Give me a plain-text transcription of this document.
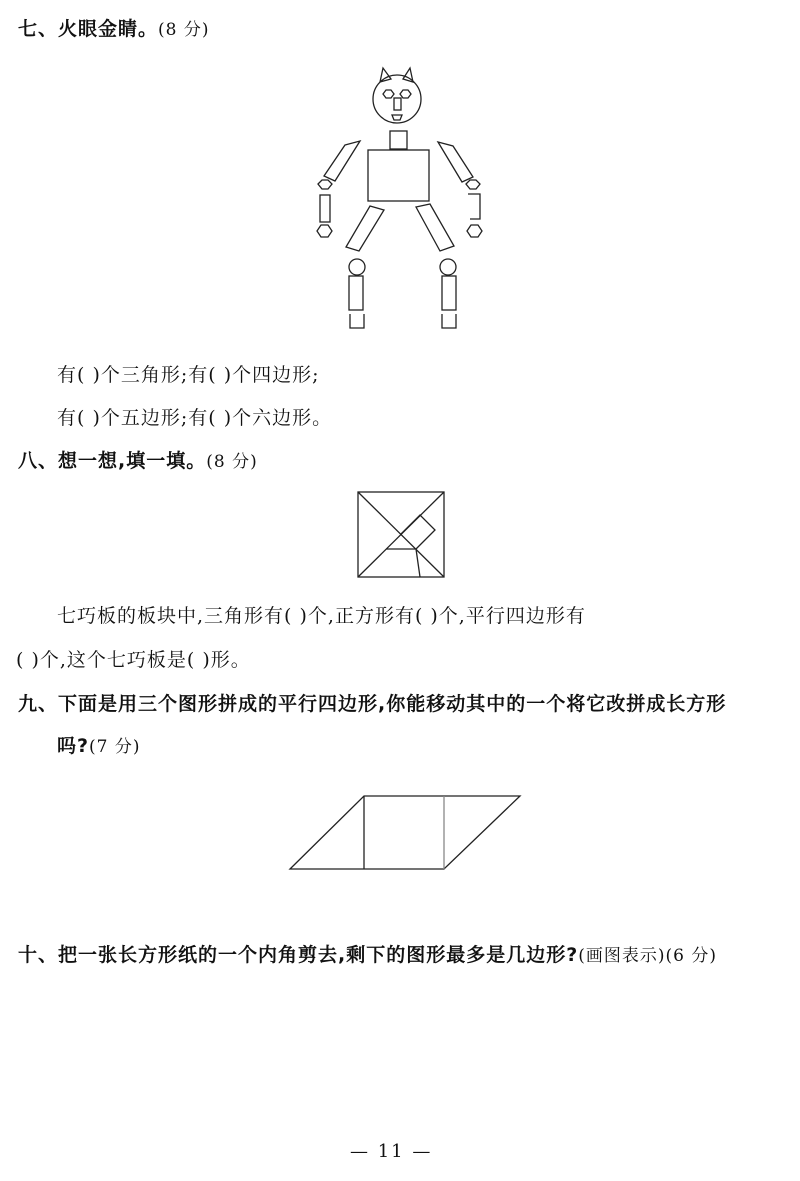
七、火眼金睛。(8 分)
有( )个三角形;有( )个四边形;
有( )个五边形;有( )个六边形。
八、想一想,填一填。(8 分)
七巧板的板块中,三角形有( )个,正方形有( )个,平行四边形有
( )个,这个七巧板是( )形。
九、下面是用三个图形拼成的平行四边形,你能移动其中的一个将它改拼成长方形
吗?(7 分)
十、把一张长方形纸的一个内角剪去,剩下的图形最多是几边形?(画图表示)(6 分)
— 11 —
